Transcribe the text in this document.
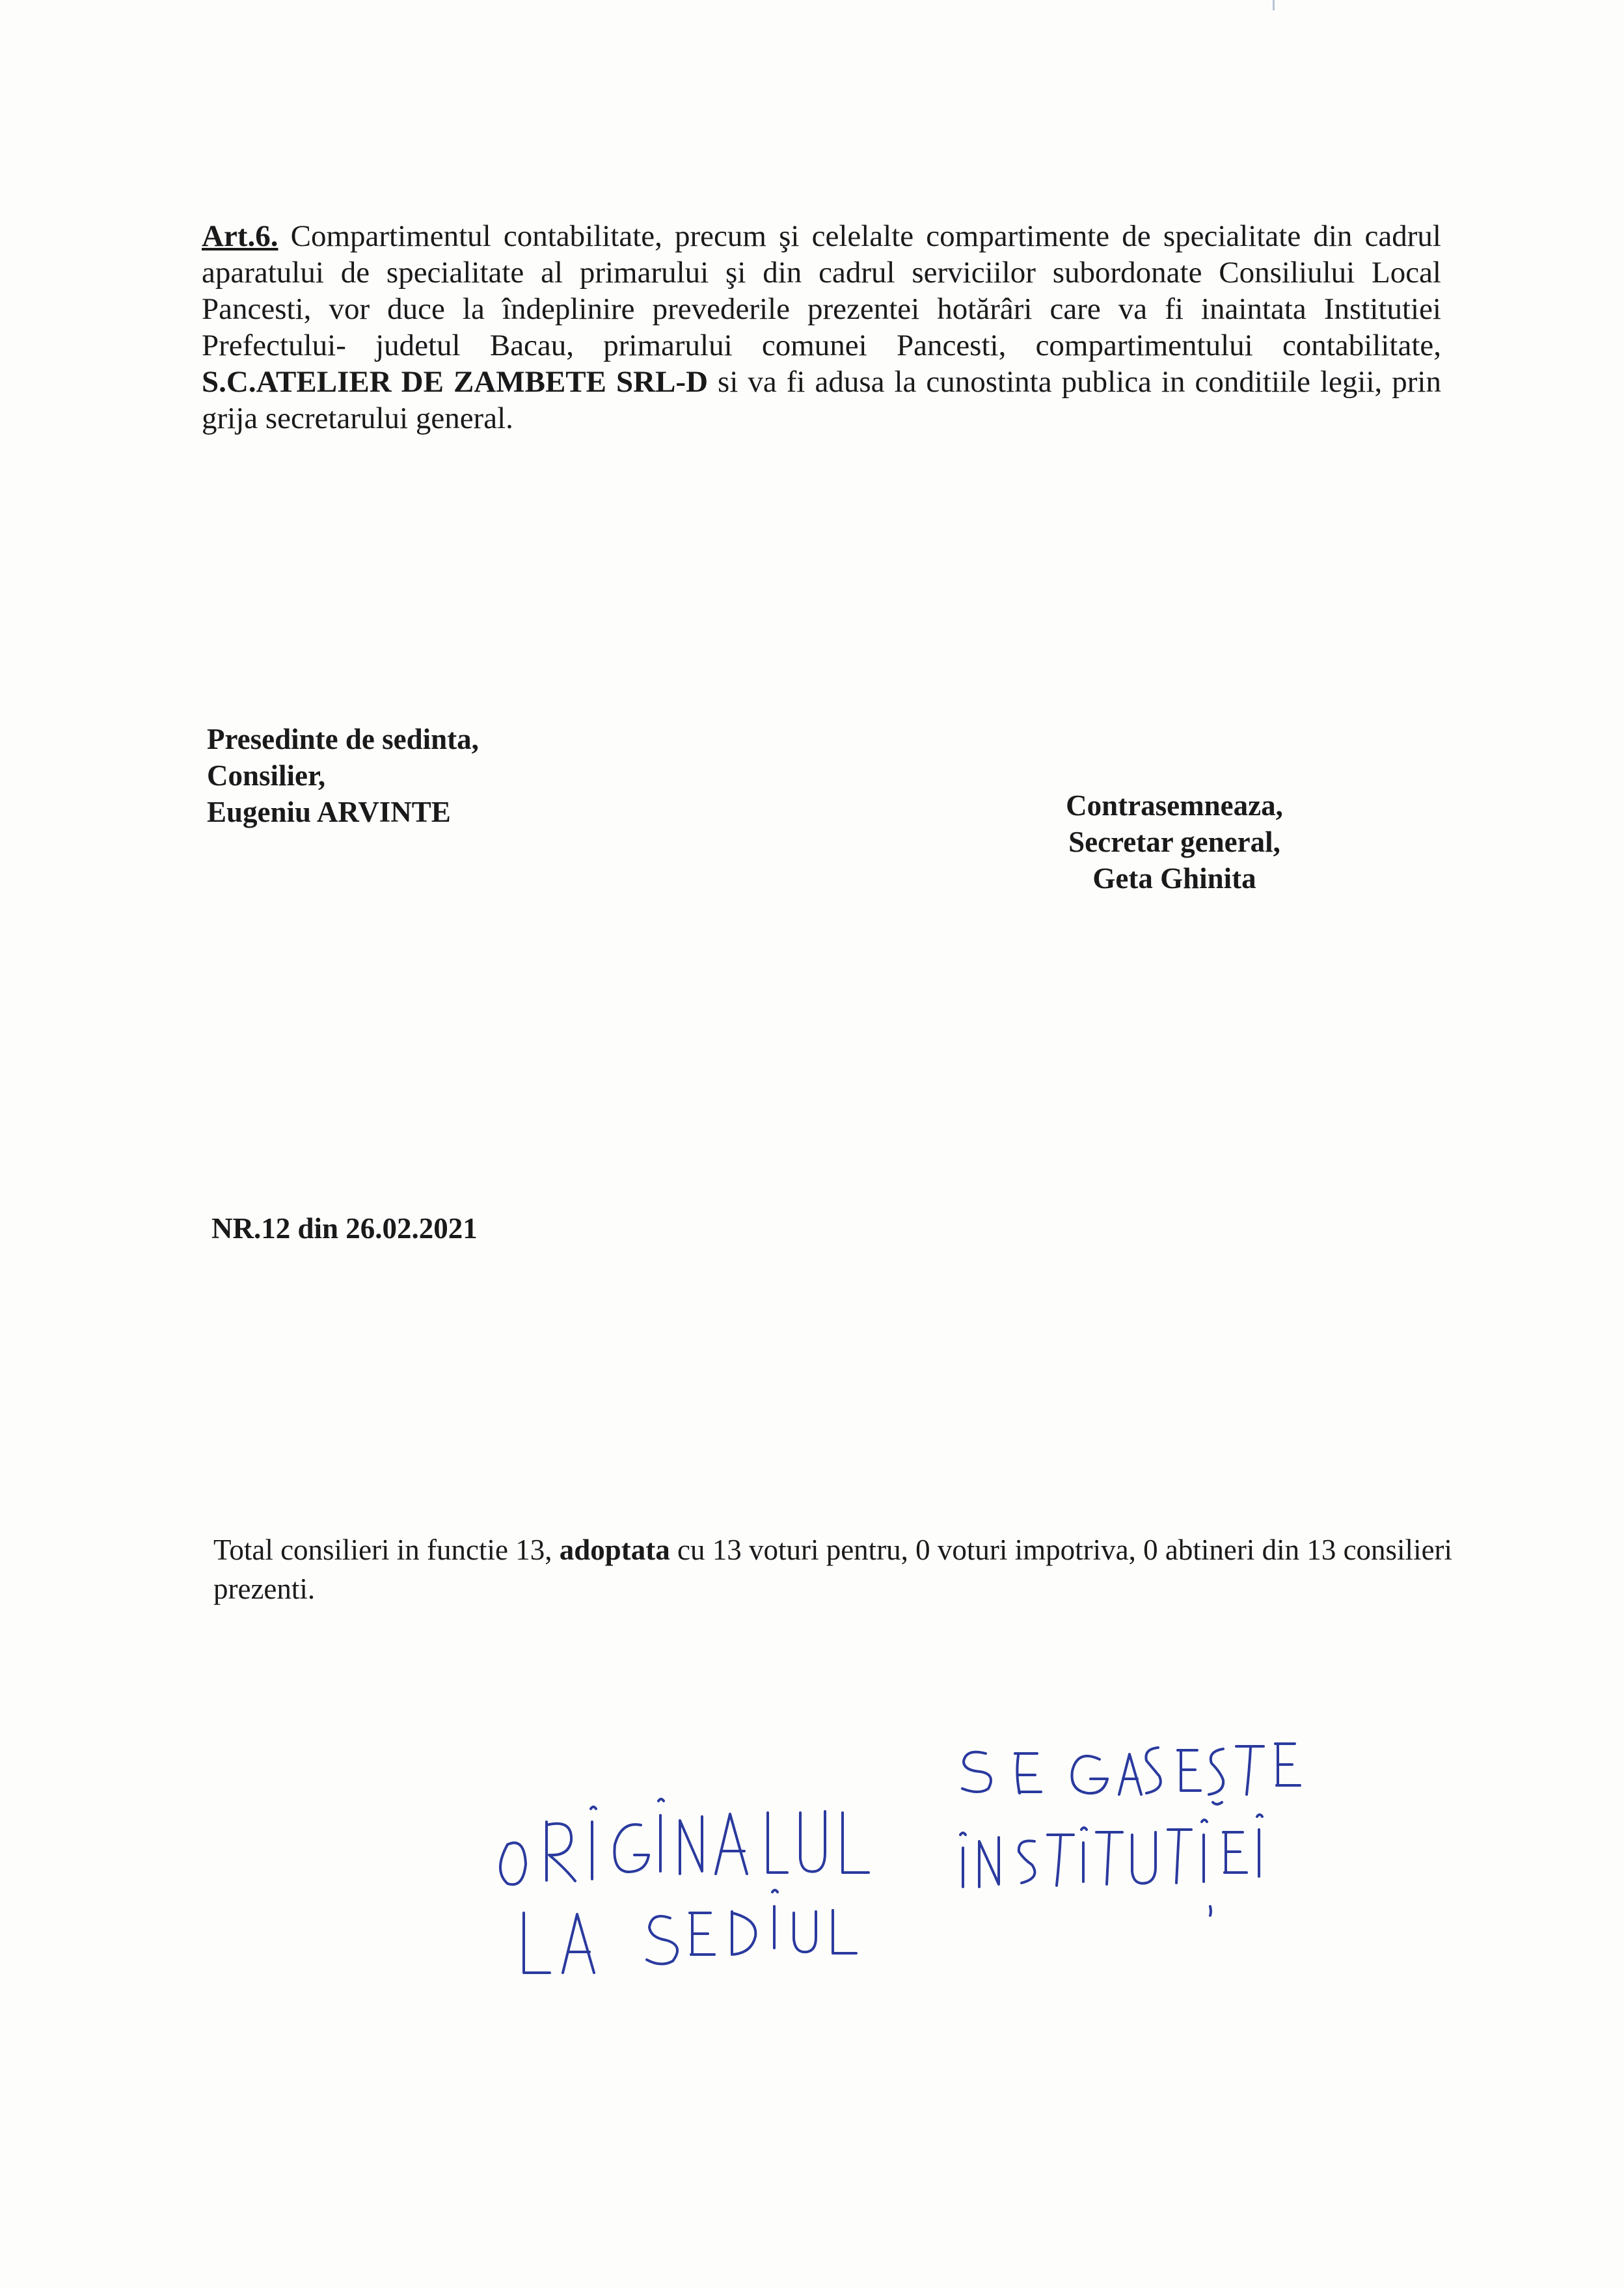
Art.6. Compartimentul contabilitate, precum şi celelalte compartimente de specialitate din cadrul aparatului de specialitate al primarului şi din cadrul serviciilor subordonate Consiliului Local Pancesti, vor duce la îndeplinire prevederile prezentei hotărâri care va fi inaintata Institutiei Prefectului- judetul Bacau, primarului comunei Pancesti, compartimentului contabilitate, S.C.ATELIER DE ZAMBETE SRL-D si va fi adusa la cunostinta publica in conditiile legii, prin grija secretarului general.

Presedinte de sedinta,
Consilier,
Eugeniu ARVINTE	Contrasemneaza,
Secretar general,
Geta Ghinita
NR.12 din 26.02.2021

Total consilieri in functie 13, adoptata cu 13 voturi pentru, 0 voturi impotriva, 0 abtineri din 13 consilieri prezenti.
